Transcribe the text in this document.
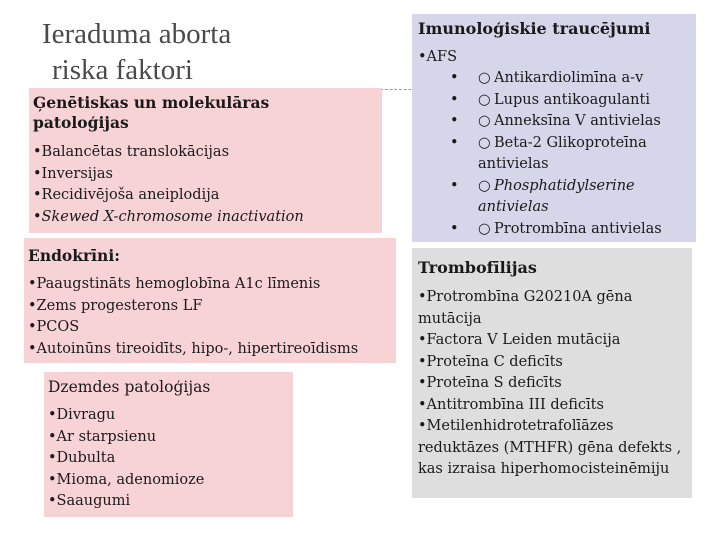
Ieraduma aborta
riska faktori
Ģenētiskas un molekulāras patoloģijas
•Balancētas translokācijas
•Inversijas
•Recidivējoša aneiplodija
•Skewed X-chromosome inactivation
Endokrīni:
•Paaugstināts hemoglobīna A1c līmenis
•Zems progesterons LF
•PCOS
•Autoinūns tireoidīts, hipo-, hipertireoīdisms
Dzemdes patoloģijas
•Divragu
•Ar starpsienu
•Dubulta
•Mioma, adenomioze
•Saaugumi
Imunoloģiskie traucējumi
•AFS
•	○ Antikardiolimīna a-v
•	○ Lupus antikoagulanti
•	○ Anneksīna V antivielas
•	○ Beta-2 Glikoproteīna antivielas
•	○ Phosphatidylserine antivielas
•	○ Protrombīna antivielas
Trombofīlijas
•Protrombīna G20210A gēna mutācija
•Factora V Leiden mutācija
•Proteīna C deficīts
•Proteīna S deficīts
•Antitrombīna III deficīts
•Metilenhidrotetrafolīāzes reduktāzes (MTHFR) gēna defekts , kas izraisa hiperhomocisteinēmiju
